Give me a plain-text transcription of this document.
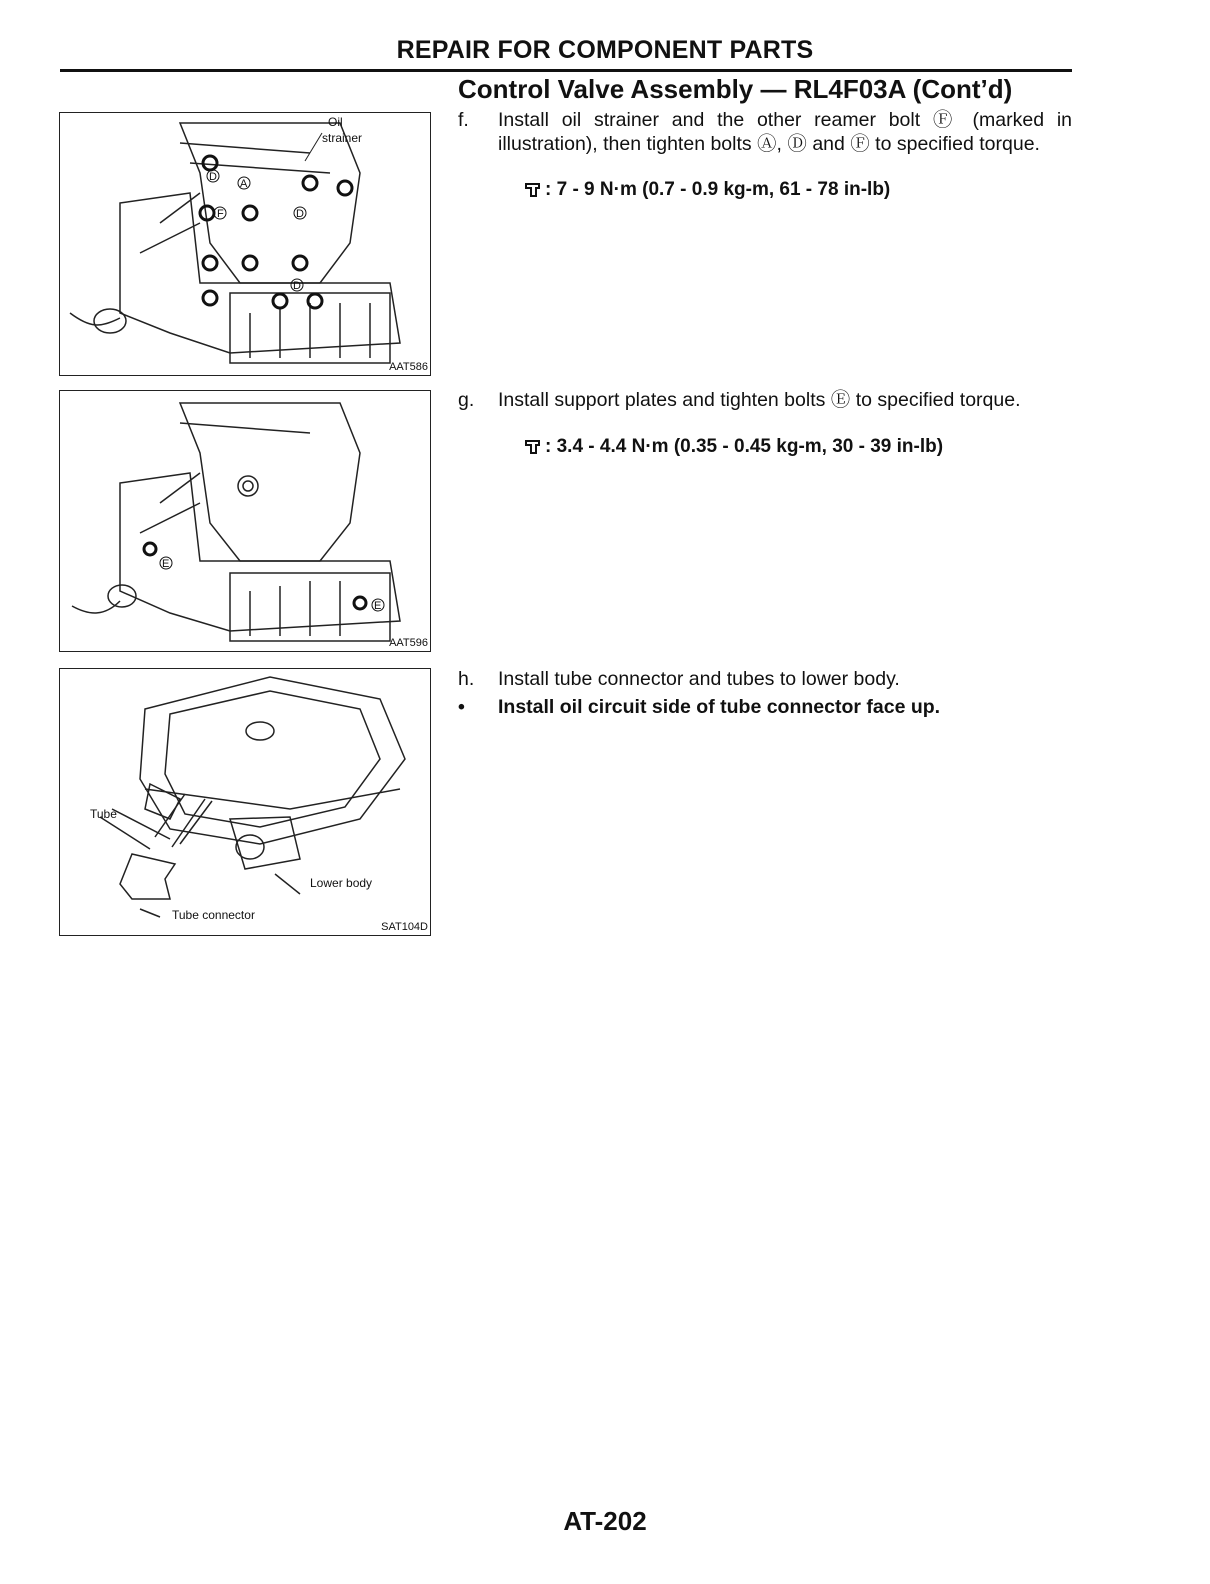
REPAIR FOR COMPONENT PARTS
Control Valve Assembly — RL4F03A (Cont’d)
D
A
F	D
D
Oil
strainer
AAT586
E
E
AAT596
Tube
Lower body
Tube connector
SAT104D
f. Install oil strainer and the other reamer bolt Ⓕ (marked in illustration), then tighten bolts Ⓐ, Ⓓ and Ⓕ to specified torque.
: 7 - 9 N·m (0.7 - 0.9 kg-m, 61 - 78 in-lb)
g. Install support plates and tighten bolts Ⓔ to specified torque.
: 3.4 - 4.4 N·m (0.35 - 0.45 kg-m, 30 - 39 in-lb)
h. Install tube connector and tubes to lower body.
• Install oil circuit side of tube connector face up.
AT-202
